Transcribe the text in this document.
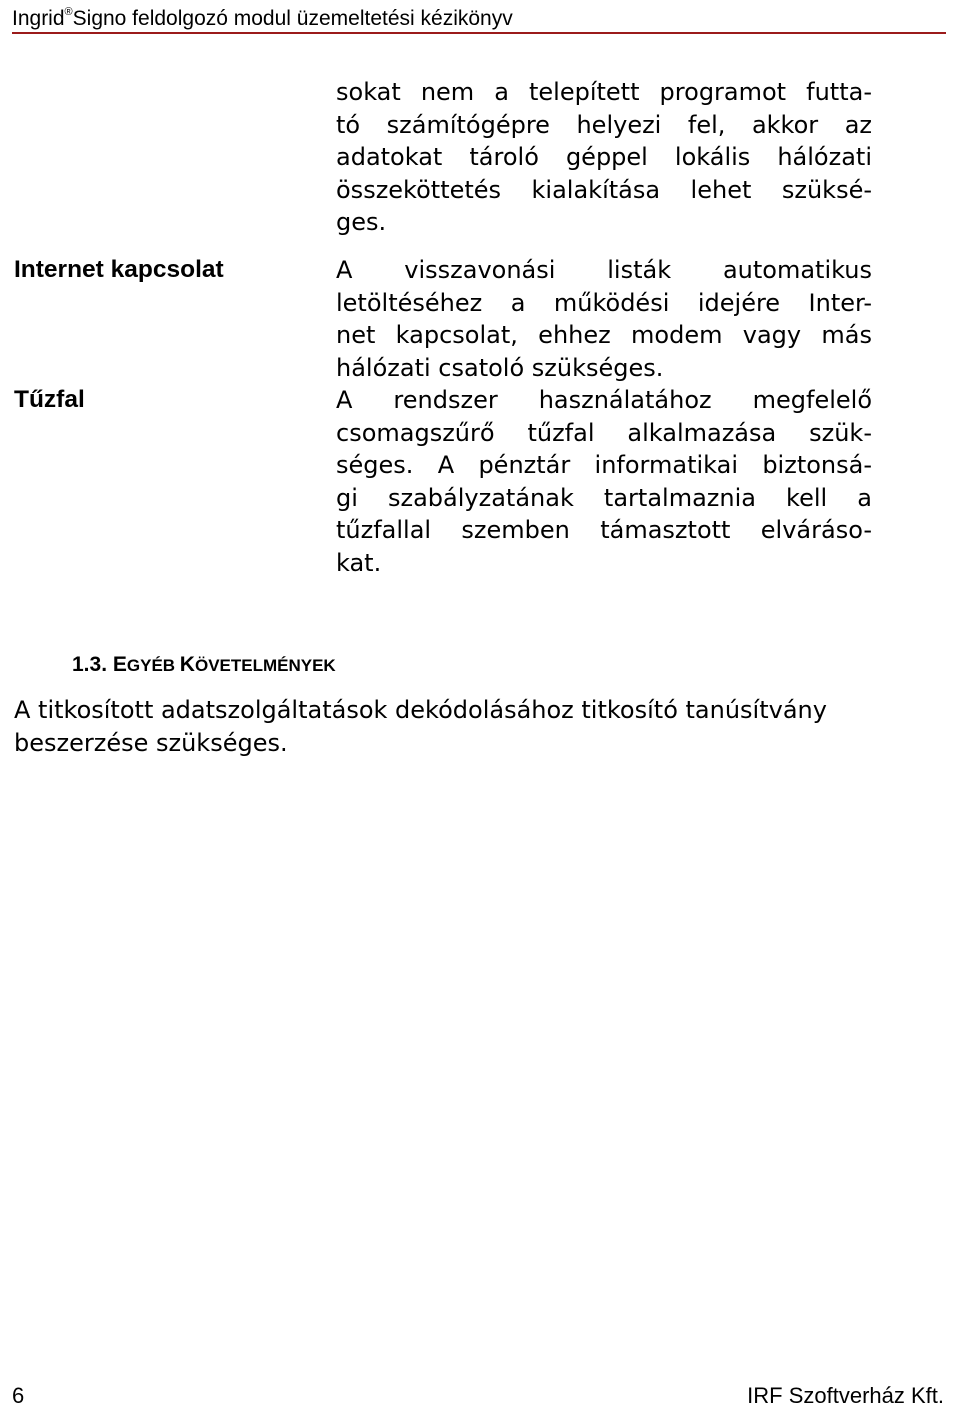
Ingrid®Signo feldolgozó modul üzemeltetési kézikönyv
sokat nem a telepített programot futta-
tó számítógépre helyezi fel, akkor az
adatokat tároló géppel lokális hálózati
összeköttetés kialakítása lehet szüksé-
ges.
Internet kapcsolat	A visszavonási listák automatikus
letöltéséhez a működési idejére Inter-
net kapcsolat, ehhez modem vagy más
hálózati csatoló szükséges.
Tűzfal	A rendszer használatához megfelelő
csomagszűrő tűzfal alkalmazása szük-
séges. A pénztár informatikai biztonsá-
gi szabályzatának tartalmaznia kell a
tűzfallal szemben támasztott elváráso-
kat.
1.3. EGYÉB KÖVETELMÉNYEK
A titkosított adatszolgáltatások dekódolásához titkosító tanúsítvány beszerzése szükséges.
6	IRF Szoftverház Kft.
